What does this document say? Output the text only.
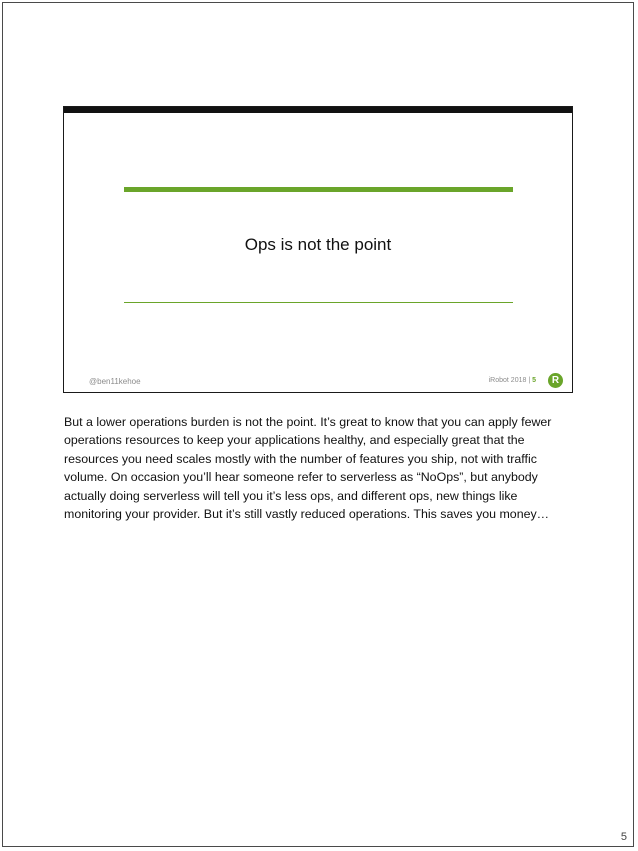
Ops is not the point
@ben11kehoe	iRobot 2018 | 5	R

But a lower operations burden is not the point. It’s great to know that you can apply fewer operations resources to keep your applications healthy, and especially great that the resources you need scales mostly with the number of features you ship, not with traffic volume. On occasion you’ll hear someone refer to serverless as “NoOps”, but anybody actually doing serverless will tell you it’s less ops, and different ops, new things like monitoring your provider. But it’s still vastly reduced operations. This saves you money…

5
